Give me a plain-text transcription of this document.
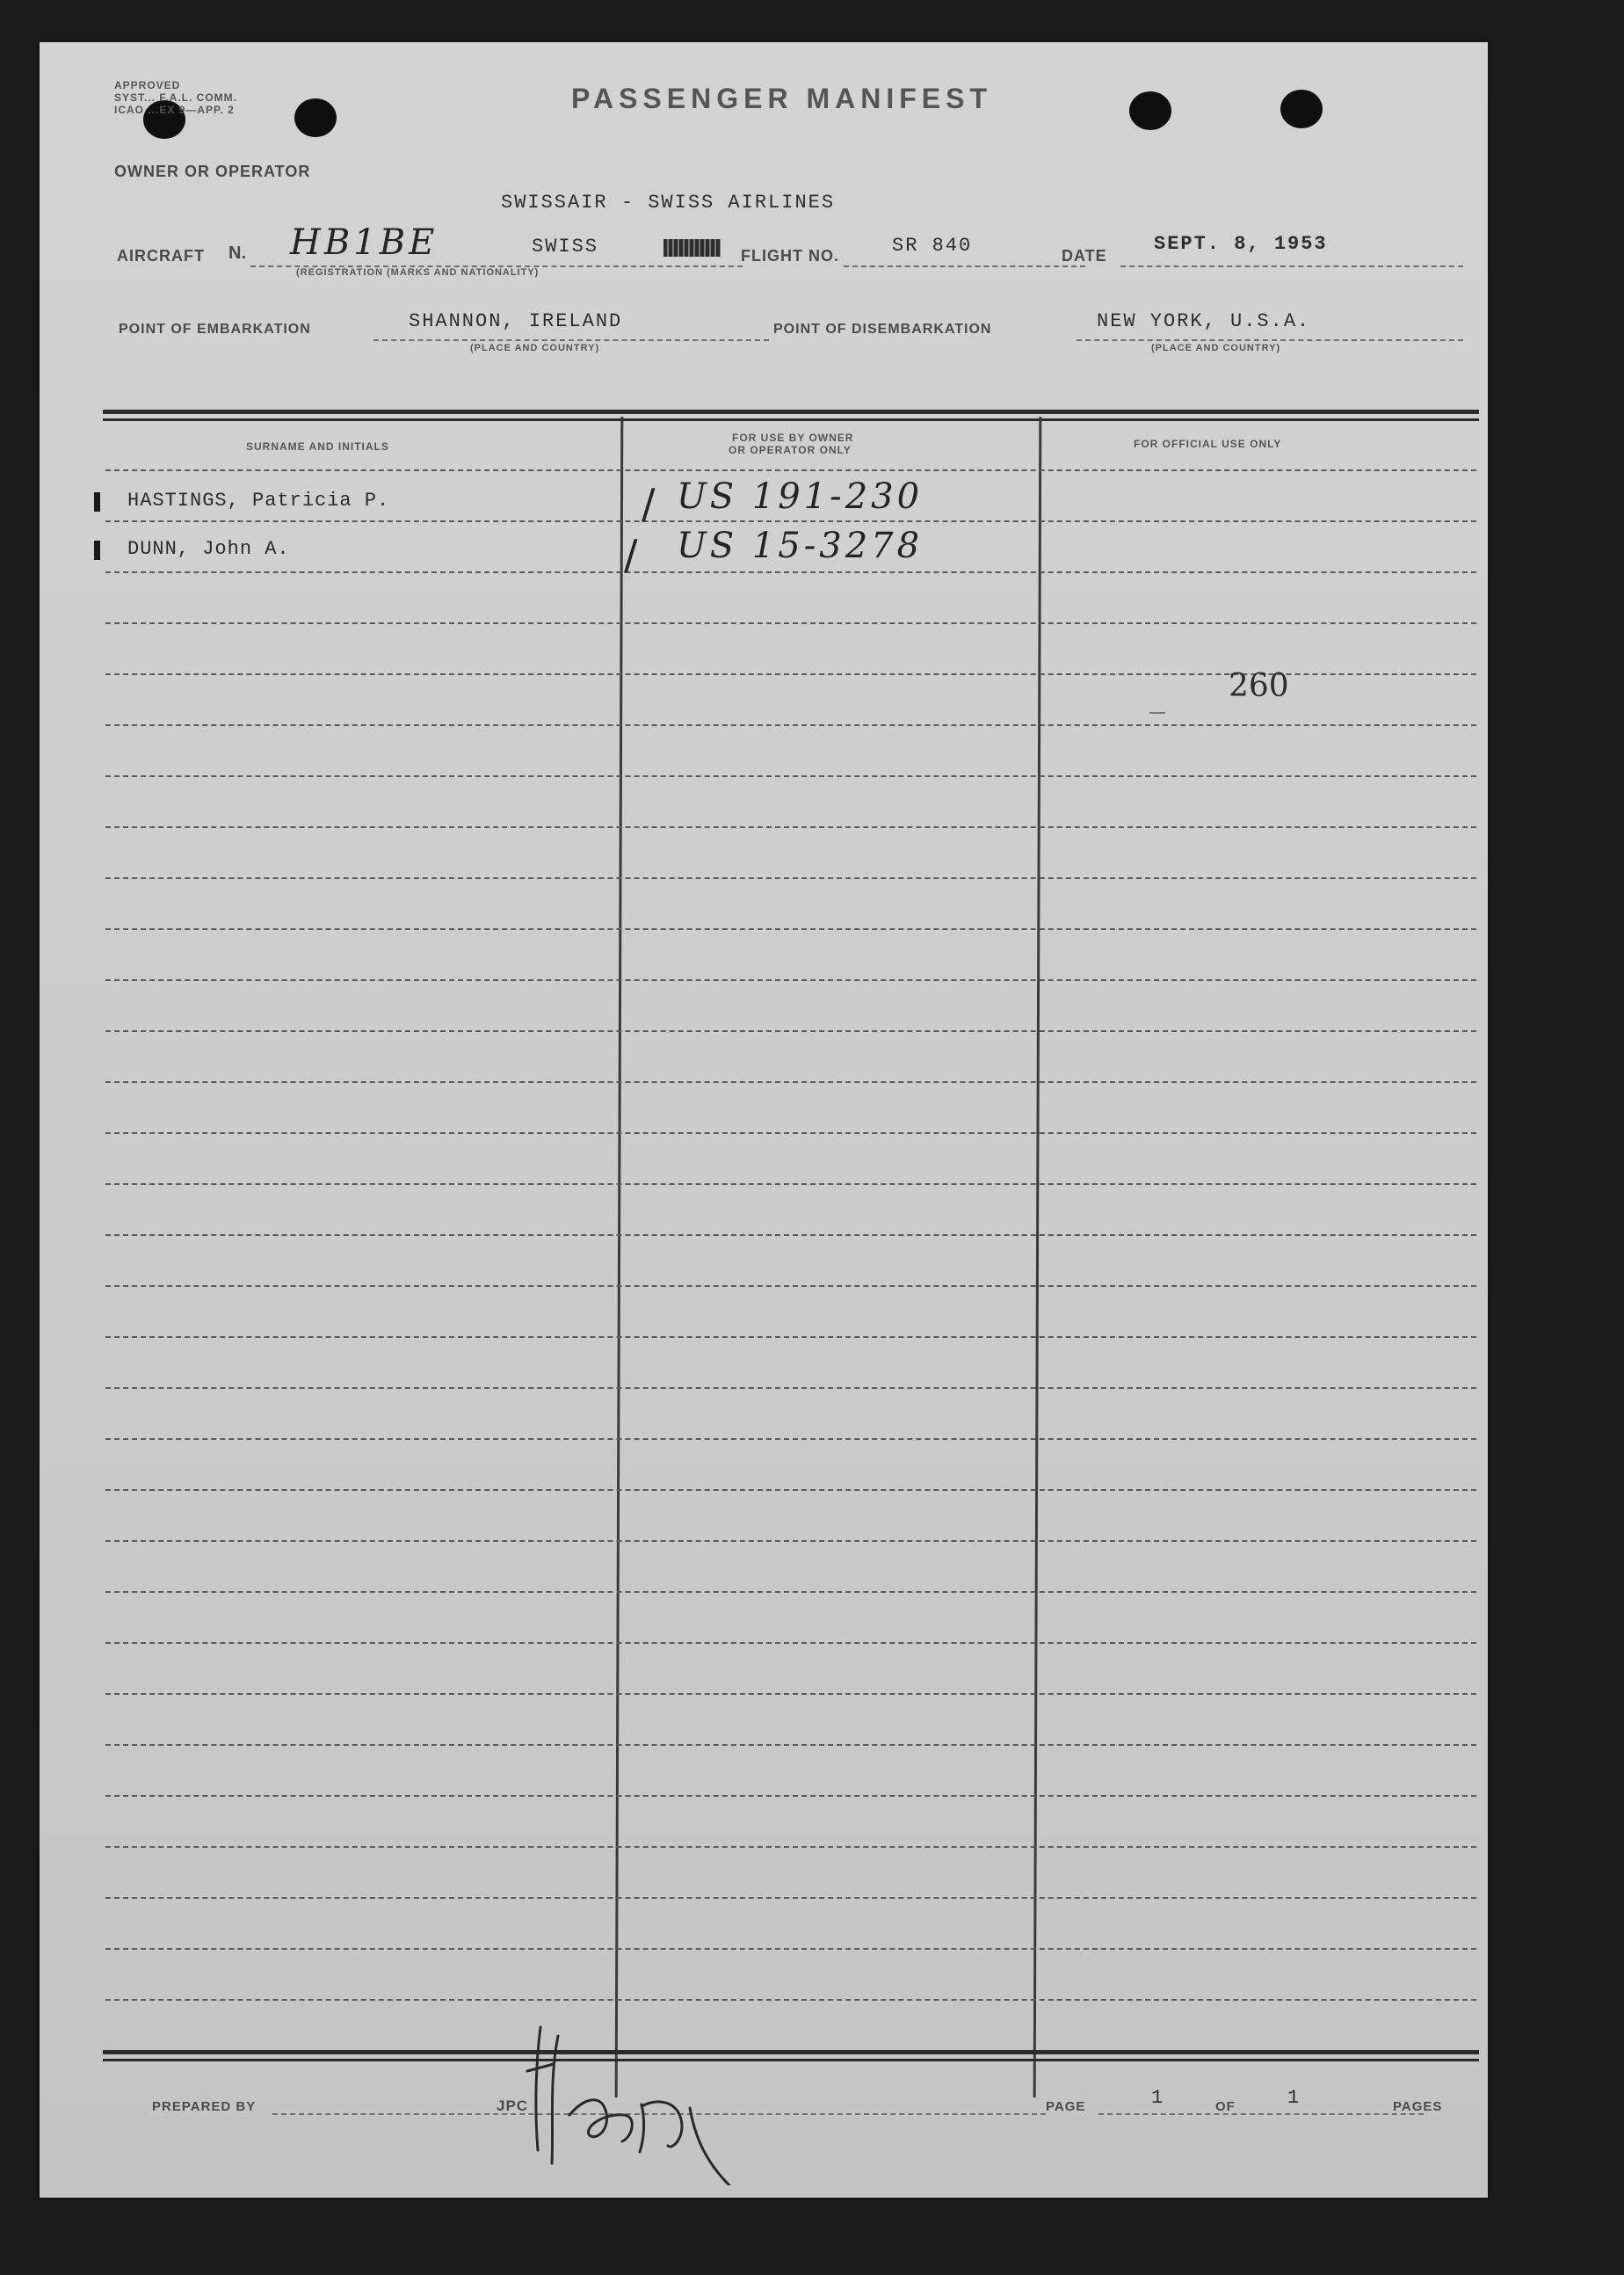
APPROVED
SYST... F.A.L. COMM.
ICAO ...EX 9—APP. 2	PASSENGER MANIFEST
OWNER OR OPERATOR
SWISSAIR - SWISS AIRLINES
AIRCRAFT N. HB1BE	SWISS
(REGISTRATION (MARKS AND NATIONALITY)
FLIGHT NO.	SR 840	DATE
SEPT. 8, 1953
POINT OF EMBARKATION	SHANNON, IRELAND
(PLACE AND COUNTRY)
POINT OF DISEMBARKATION	NEW YORK, U.S.A.
(PLACE AND COUNTRY)
SURNAME AND INITIALS
FOR USE BY OWNER
OR OPERATOR ONLY	FOR OFFICIAL USE ONLY
HASTINGS, Patricia P.	/ US 191-230
DUNN, John A.	/ US 15-3278
260
PREPARED BY	JPC	PAGE	1	OF	1	PAGES
